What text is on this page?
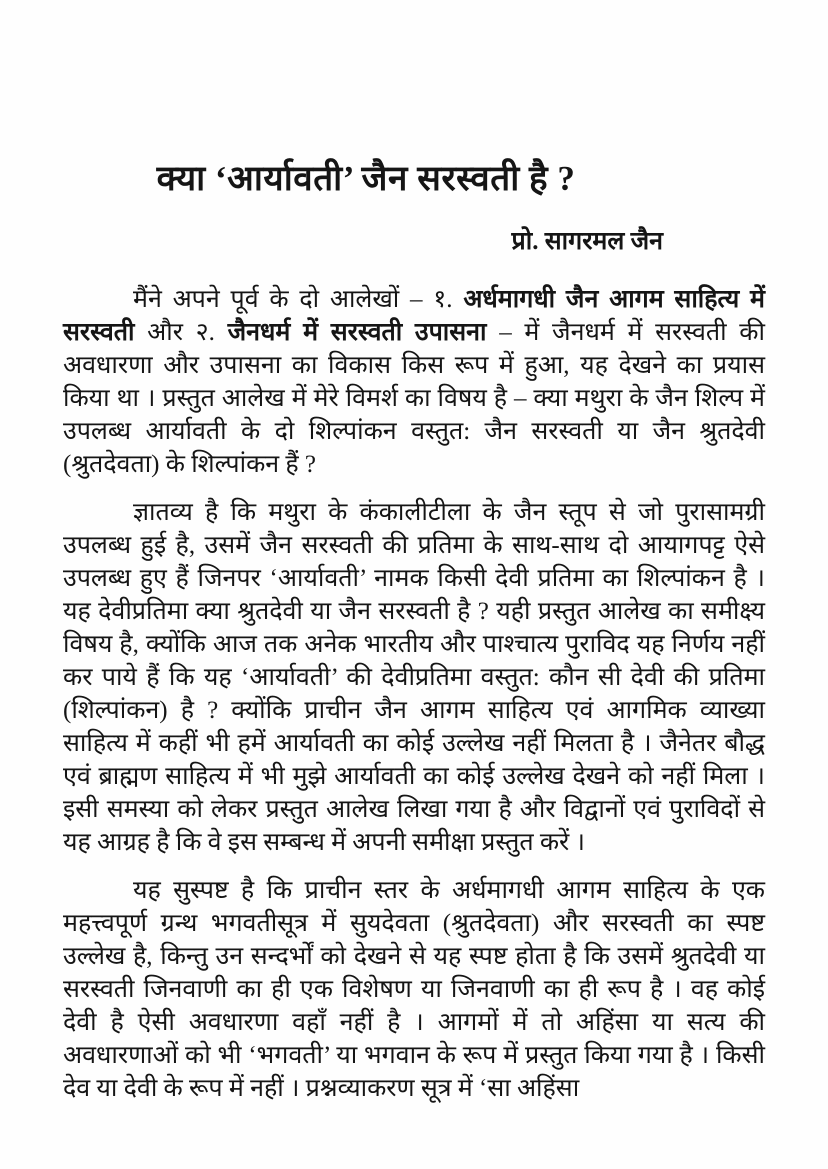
क्या ‘आर्यावती’ जैन सरस्वती है ?
प्रो. सागरमल जैन

मैंने अपने पूर्व के दो आलेखों – १. अर्धमागधी जैन आगम साहित्य में सरस्वती और २. जैनधर्म में सरस्वती उपासना – में जैनधर्म में सरस्वती की अवधारणा और उपासना का विकास किस रूप में हुआ, यह देखने का प्रयास किया था । प्रस्तुत आलेख में मेरे विमर्श का विषय है – क्या मथुरा के जैन शिल्प में उपलब्ध आर्यावती के दो शिल्पांकन वस्तुत: जैन सरस्वती या जैन श्रुतदेवी (श्रुतदेवता) के शिल्पांकन हैं ?

ज्ञातव्य है कि मथुरा के कंकालीटीला के जैन स्तूप से जो पुरासामग्री उपलब्ध हुई है, उसमें जैन सरस्वती की प्रतिमा के साथ-साथ दो आयागपट्ट ऐसे उपलब्ध हुए हैं जिनपर ‘आर्यावती’ नामक किसी देवी प्रतिमा का शिल्पांकन है । यह देवीप्रतिमा क्या श्रुतदेवी या जैन सरस्वती है ? यही प्रस्तुत आलेख का समीक्ष्य विषय है, क्योंकि आज तक अनेक भारतीय और पाश्चात्य पुराविद यह निर्णय नहीं कर पाये हैं कि यह ‘आर्यावती’ की देवीप्रतिमा वस्तुत: कौन सी देवी की प्रतिमा (शिल्पांकन) है ? क्योंकि प्राचीन जैन आगम साहित्य एवं आगमिक व्याख्या साहित्य में कहीं भी हमें आर्यावती का कोई उल्लेख नहीं मिलता है । जैनेतर बौद्ध एवं ब्राह्मण साहित्य में भी मुझे आर्यावती का कोई उल्लेख देखने को नहीं मिला । इसी समस्या को लेकर प्रस्तुत आलेख लिखा गया है और विद्वानों एवं पुराविदों से यह आग्रह है कि वे इस सम्बन्ध में अपनी समीक्षा प्रस्तुत करें ।

यह सुस्पष्ट है कि प्राचीन स्तर के अर्धमागधी आगम साहित्य के एक महत्त्वपूर्ण ग्रन्थ भगवतीसूत्र में सुयदेवता (श्रुतदेवता) और सरस्वती का स्पष्ट उल्लेख है, किन्तु उन सन्दर्भों को देखने से यह स्पष्ट होता है कि उसमें श्रुतदेवी या सरस्वती जिनवाणी का ही एक विशेषण या जिनवाणी का ही रूप है । वह कोई देवी है ऐसी अवधारणा वहाँ नहीं है । आगमों में तो अहिंसा या सत्य की अवधारणाओं को भी ‘भगवती’ या भगवान के रूप में प्रस्तुत किया गया है । किसी देव या देवी के रूप में नहीं । प्रश्नव्याकरण सूत्र में ‘सा अहिंसा
